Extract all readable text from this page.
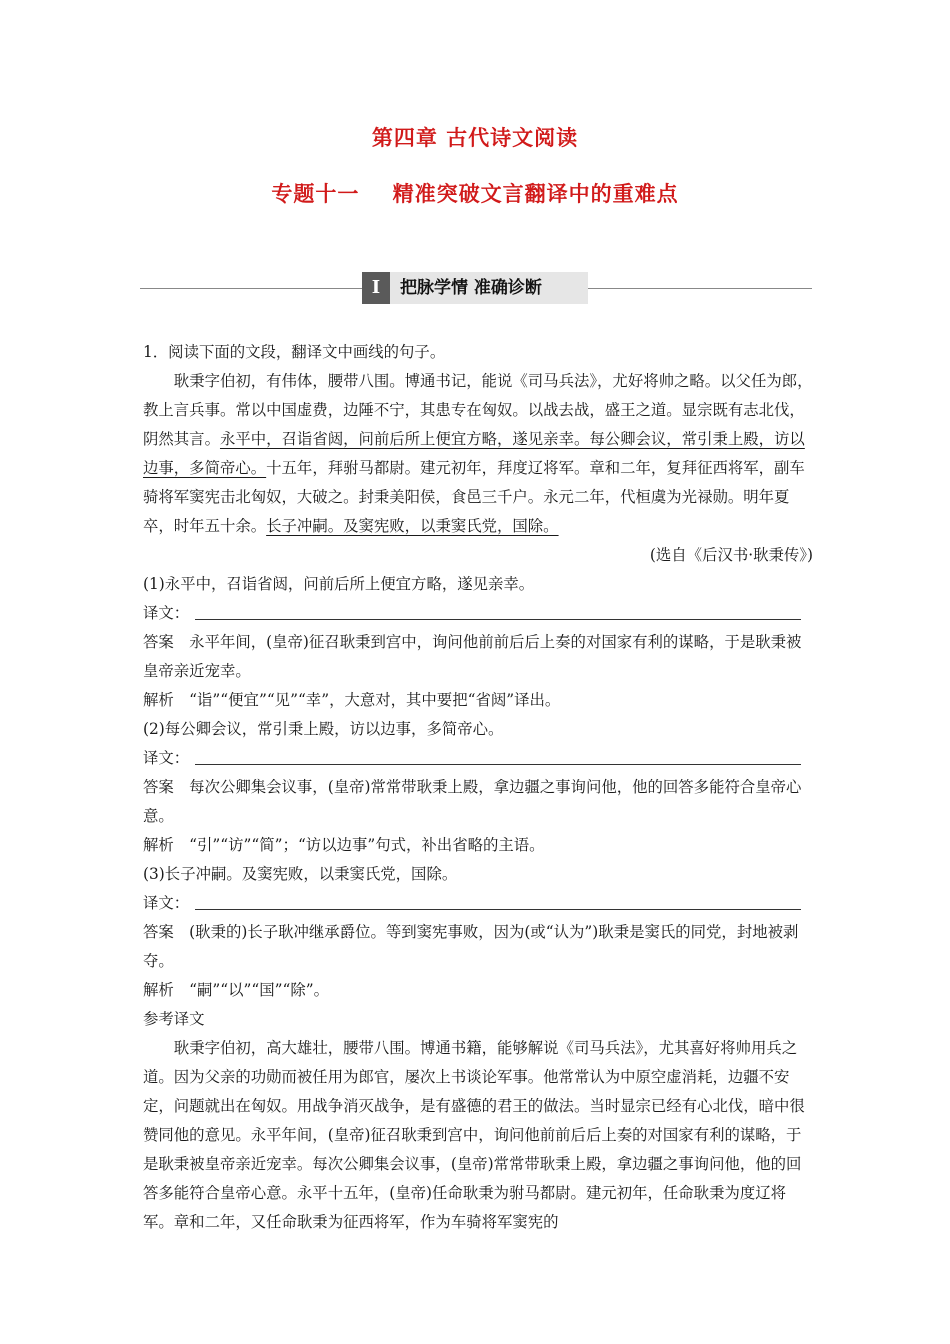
第四章 古代诗文阅读
专题十一    精准突破文言翻译中的重难点
Ⅰ	把脉学情 准确诊断

1．阅读下面的文段，翻译文中画线的句子。

耿秉字伯初，有伟体，腰带八围。博通书记，能说《司马兵法》，尤好将帅之略。以父任为郎，教上言兵事。常以中国虚费，边陲不宁，其患专在匈奴。以战去战，盛王之道。显宗既有志北伐，阴然其言。永平中，召诣省闼，问前后所上便宜方略，遂见亲幸。每公卿会议，常引秉上殿，访以边事，多简帝心。十五年，拜驸马都尉。建元初年，拜度辽将军。章和二年，复拜征西将军，副车骑将军窦宪击北匈奴，大破之。封秉美阳侯，食邑三千户。永元二年，代桓虞为光禄勋。明年夏卒，时年五十余。长子冲嗣。及窦宪败，以秉窦氏党，国除。

(选自《后汉书·耿秉传》)

(1)永平中，召诣省闼，问前后所上便宜方略，遂见亲幸。

译文：

答案　永平年间，(皇帝)征召耿秉到宫中，询问他前前后后上奏的对国家有利的谋略，于是耿秉被皇帝亲近宠幸。

解析　“诣”“便宜”“见”“幸”，大意对，其中要把“省闼”译出。

(2)每公卿会议，常引秉上殿，访以边事，多简帝心。

译文：

答案　每次公卿集会议事，(皇帝)常常带耿秉上殿，拿边疆之事询问他，他的回答多能符合皇帝心意。

解析　“引”“访”“简”；“访以边事”句式，补出省略的主语。

(3)长子冲嗣。及窦宪败，以秉窦氏党，国除。

译文：

答案　(耿秉的)长子耿冲继承爵位。等到窦宪事败，因为(或“认为”)耿秉是窦氏的同党，封地被剥夺。

解析　“嗣”“以”“国”“除”。

参考译文

耿秉字伯初，高大雄壮，腰带八围。博通书籍，能够解说《司马兵法》，尤其喜好将帅用兵之道。因为父亲的功勋而被任用为郎官，屡次上书谈论军事。他常常认为中原空虚消耗，边疆不安定，问题就出在匈奴。用战争消灭战争，是有盛德的君王的做法。当时显宗已经有心北伐，暗中很赞同他的意见。永平年间，(皇帝)征召耿秉到宫中，询问他前前后后上奏的对国家有利的谋略，于是耿秉被皇帝亲近宠幸。每次公卿集会议事，(皇帝)常常带耿秉上殿，拿边疆之事询问他，他的回答多能符合皇帝心意。永平十五年，(皇帝)任命耿秉为驸马都尉。建元初年，任命耿秉为度辽将军。章和二年，又任命耿秉为征西将军，作为车骑将军窦宪的
